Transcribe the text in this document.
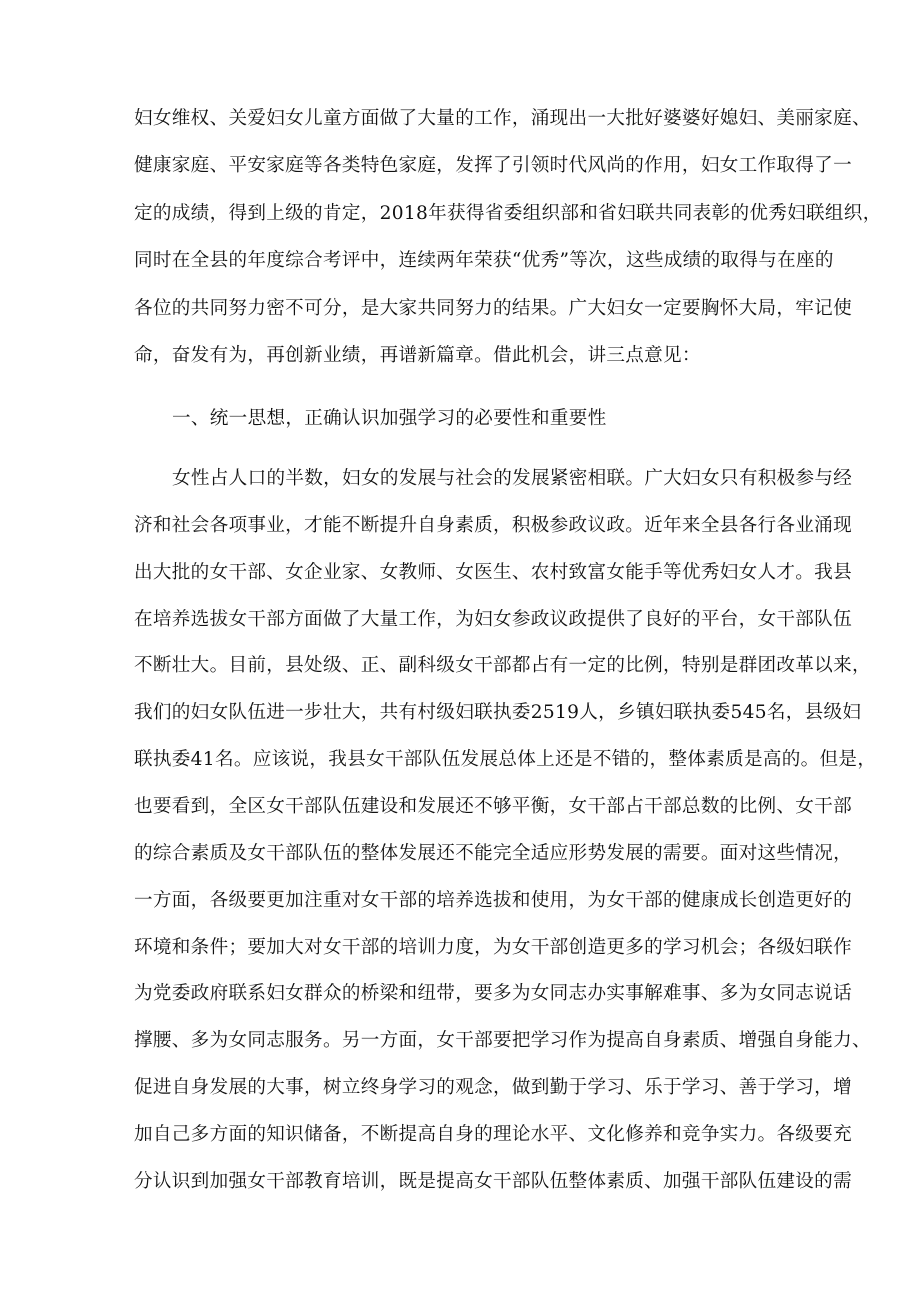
妇女维权、关爱妇女儿童方面做了大量的工作，涌现出一大批好婆婆好媳妇、美丽家庭、
健康家庭、平安家庭等各类特色家庭，发挥了引领时代风尚的作用，妇女工作取得了一
定的成绩，得到上级的肯定，2018年获得省委组织部和省妇联共同表彰的优秀妇联组织，
同时在全县的年度综合考评中，连续两年荣获“优秀”等次，这些成绩的取得与在座的
各位的共同努力密不可分，是大家共同努力的结果。广大妇女一定要胸怀大局，牢记使
命，奋发有为，再创新业绩，再谱新篇章。借此机会，讲三点意见：
一、统一思想，正确认识加强学习的必要性和重要性
女性占人口的半数，妇女的发展与社会的发展紧密相联。广大妇女只有积极参与经
济和社会各项事业，才能不断提升自身素质，积极参政议政。近年来全县各行各业涌现
出大批的女干部、女企业家、女教师、女医生、农村致富女能手等优秀妇女人才。我县
在培养选拔女干部方面做了大量工作，为妇女参政议政提供了良好的平台，女干部队伍
不断壮大。目前，县处级、正、副科级女干部都占有一定的比例，特别是群团改革以来，
我们的妇女队伍进一步壮大，共有村级妇联执委2519人，乡镇妇联执委545名，县级妇
联执委41名。应该说，我县女干部队伍发展总体上还是不错的，整体素质是高的。但是，
也要看到，全区女干部队伍建设和发展还不够平衡，女干部占干部总数的比例、女干部
的综合素质及女干部队伍的整体发展还不能完全适应形势发展的需要。面对这些情况，
一方面，各级要更加注重对女干部的培养选拔和使用，为女干部的健康成长创造更好的
环境和条件；要加大对女干部的培训力度，为女干部创造更多的学习机会；各级妇联作
为党委政府联系妇女群众的桥梁和纽带，要多为女同志办实事解难事、多为女同志说话
撑腰、多为女同志服务。另一方面，女干部要把学习作为提高自身素质、增强自身能力、
促进自身发展的大事，树立终身学习的观念，做到勤于学习、乐于学习、善于学习，增
加自己多方面的知识储备，不断提高自身的理论水平、文化修养和竞争实力。各级要充
分认识到加强女干部教育培训，既是提高女干部队伍整体素质、加强干部队伍建设的需
